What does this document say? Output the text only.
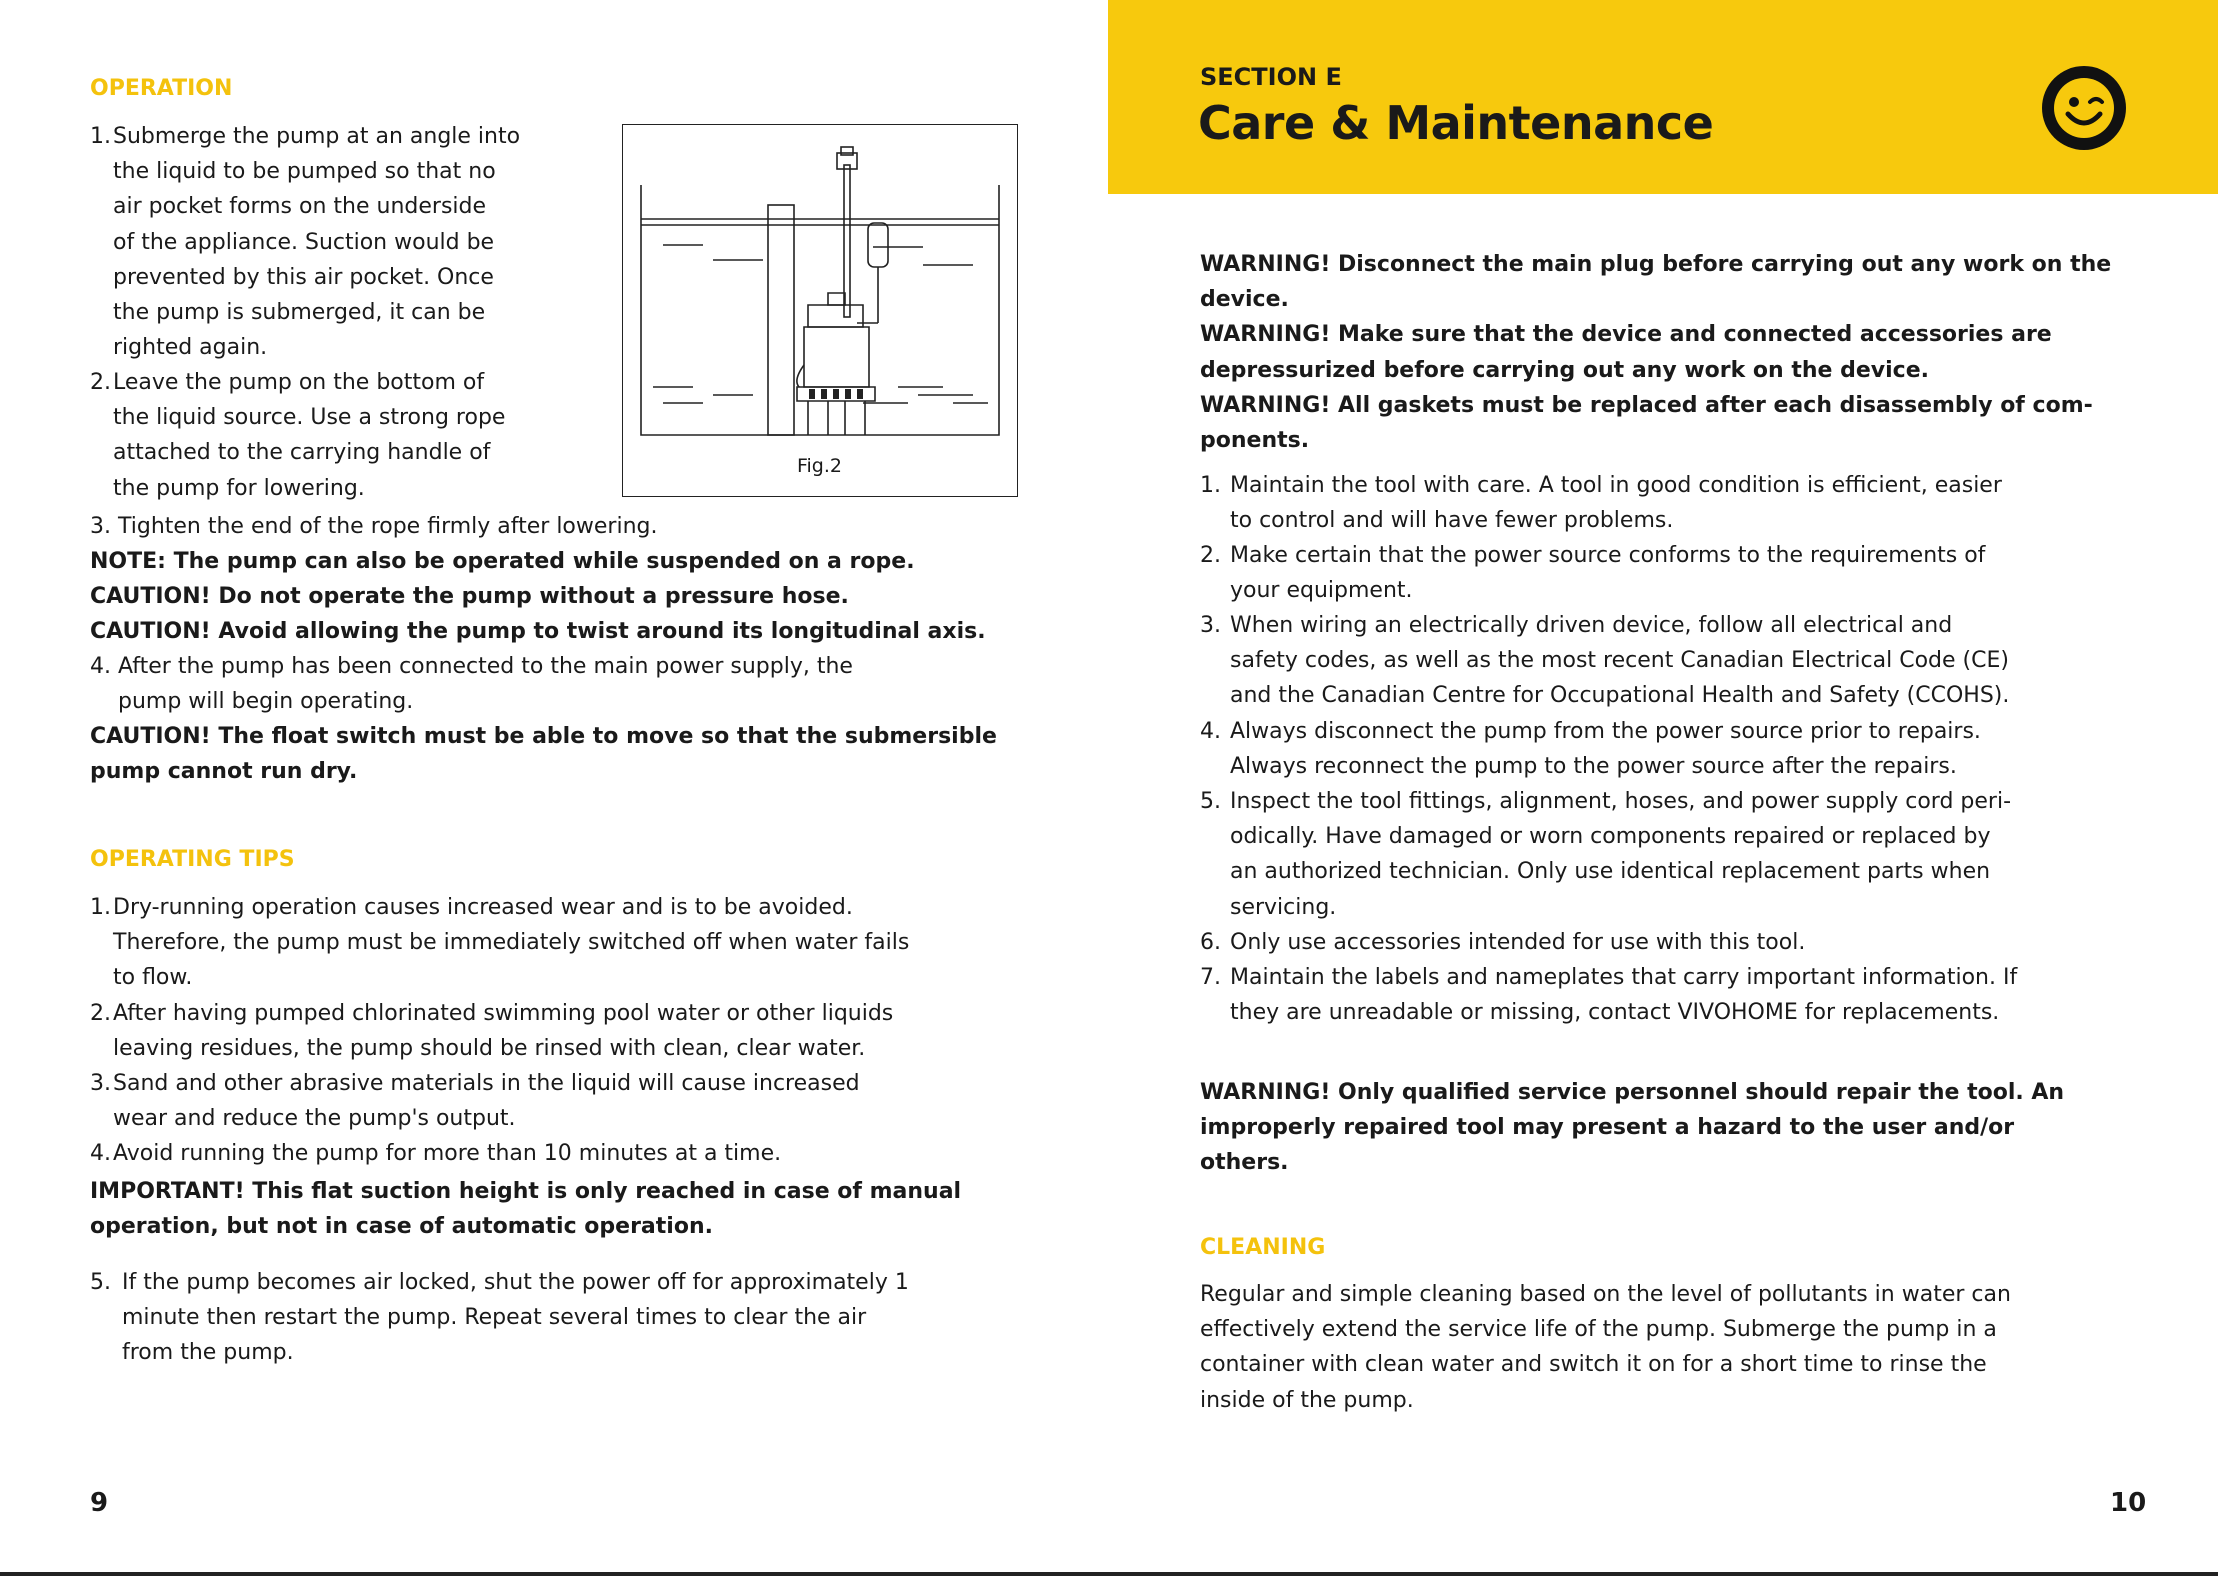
OPERATION
1. Submerge the pump at an angle into
the liquid to be pumped so that no
air pocket forms on the underside
of the appliance. Suction would be
prevented by this air pocket. Once
the pump is submerged, it can be
righted again.
2. Leave the pump on the bottom of
the liquid source. Use a strong rope
attached to the carrying handle of
the pump for lowering.
Fig.2
3. Tighten the end of the rope firmly after lowering.
NOTE: The pump can also be operated while suspended on a rope.
CAUTION! Do not operate the pump without a pressure hose.
CAUTION! Avoid allowing the pump to twist around its longitudinal axis.
4. After the pump has been connected to the main power supply, the
pump will begin operating.
CAUTION! The float switch must be able to move so that the submersible
pump cannot run dry.
OPERATING TIPS
1. Dry-running operation causes increased wear and is to be avoided.
Therefore, the pump must be immediately switched off when water fails
to flow.
2. After having pumped chlorinated swimming pool water or other liquids
leaving residues, the pump should be rinsed with clean, clear water.
3. Sand and other abrasive materials in the liquid will cause increased
wear and reduce the pump's output.
4. Avoid running the pump for more than 10 minutes at a time.
IMPORTANT! This flat suction height is only reached in case of manual
operation, but not in case of automatic operation.
5. If the pump becomes air locked, shut the power off for approximately 1
minute then restart the pump. Repeat several times to clear the air
from the pump.
9
SECTION E
Care & Maintenance
WARNING! Disconnect the main plug before carrying out any work on the
device.
WARNING! Make sure that the device and connected accessories are
depressurized before carrying out any work on the device.
WARNING! All gaskets must be replaced after each disassembly of com-
ponents.
1. Maintain the tool with care. A tool in good condition is efficient, easier
to control and will have fewer problems.
2. Make certain that the power source conforms to the requirements of
your equipment.
3. When wiring an electrically driven device, follow all electrical and
safety codes, as well as the most recent Canadian Electrical Code (CE)
and the Canadian Centre for Occupational Health and Safety (CCOHS).
4. Always disconnect the pump from the power source prior to repairs.
Always reconnect the pump to the power source after the repairs.
5. Inspect the tool fittings, alignment, hoses, and power supply cord peri-
odically. Have damaged or worn components repaired or replaced by
an authorized technician. Only use identical replacement parts when
servicing.
6. Only use accessories intended for use with this tool.
7. Maintain the labels and nameplates that carry important information. If
they are unreadable or missing, contact VIVOHOME for replacements.
WARNING! Only qualified service personnel should repair the tool. An
improperly repaired tool may present a hazard to the user and/or
others.
CLEANING
Regular and simple cleaning based on the level of pollutants in water can
effectively extend the service life of the pump. Submerge the pump in a
container with clean water and switch it on for a short time to rinse the
inside of the pump.
10
